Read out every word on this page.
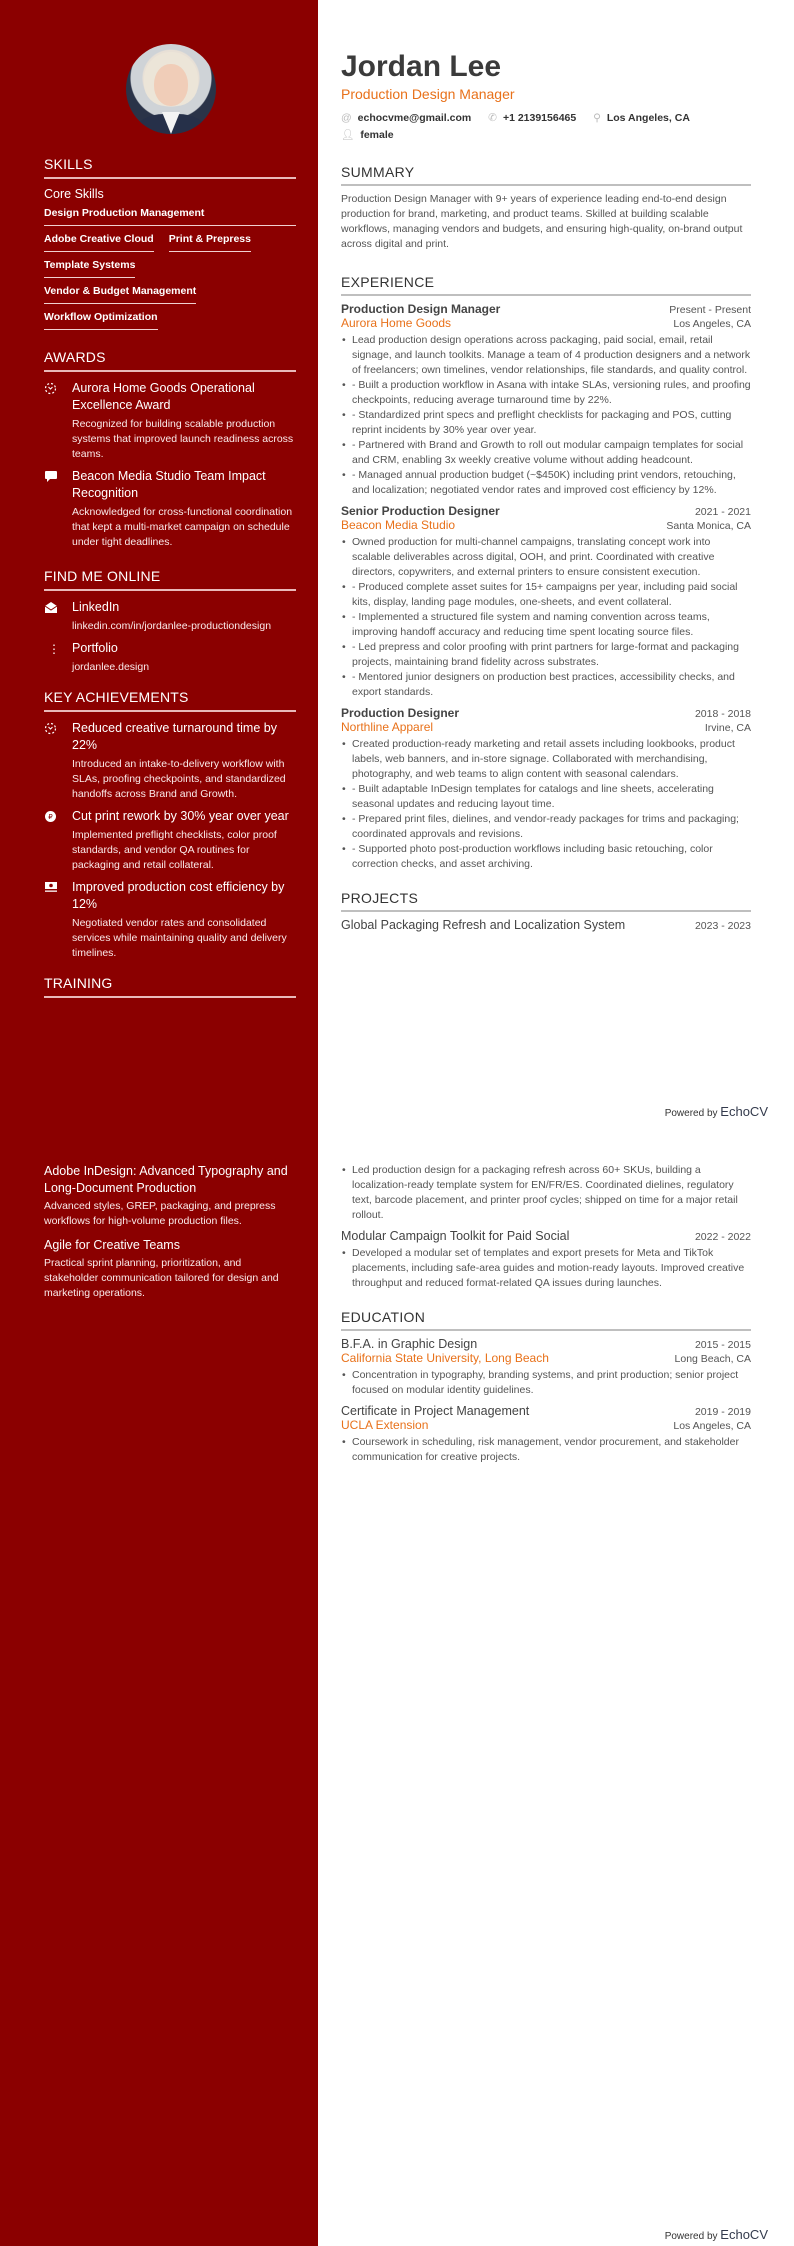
SKILLS
Core Skills
Design Production Management
Adobe Creative Cloud Print & Prepress
Template Systems
Vendor & Budget Management
Workflow Optimization
AWARDS
Aurora Home Goods Operational Excellence Award
Recognized for building scalable production systems that improved launch readiness across teams.
Beacon Media Studio Team Impact Recognition
Acknowledged for cross-functional coordination that kept a multi-market campaign on schedule under tight deadlines.
FIND ME ONLINE
LinkedIn
linkedin.com/in/jordanlee-productiondesign
⋮ Portfolio
jordanlee.design
KEY ACHIEVEMENTS
Reduced creative turnaround time by 22%
Introduced an intake-to-delivery workflow with SLAs, proofing checkpoints, and standardized handoffs across Brand and Growth.
₽ Cut print rework by 30% year over year
Implemented preflight checklists, color proof standards, and vendor QA routines for packaging and retail collateral.
Improved production cost efficiency by 12%
Negotiated vendor rates and consolidated services while maintaining quality and delivery timelines.
TRAINING
Jordan Lee
Production Design Manager
@ echocvme@gmail.com ✆ +1 2139156465 ⚲ Los Angeles, CA
👤︎ female
SUMMARY
Production Design Manager with 9+ years of experience leading end-to-end design production for brand, marketing, and product teams. Skilled at building scalable workflows, managing vendors and budgets, and ensuring high-quality, on-brand output across digital and print.
EXPERIENCE
Production Design Manager	Present - Present
Aurora Home Goods	Los Angeles, CA
• Lead production design operations across packaging, paid social, email, retail signage, and launch toolkits. Manage a team of 4 production designers and a network of freelancers; own timelines, vendor relationships, file standards, and quality control.
• - Built a production workflow in Asana with intake SLAs, versioning rules, and proofing checkpoints, reducing average turnaround time by 22%.
• - Standardized print specs and preflight checklists for packaging and POS, cutting reprint incidents by 30% year over year.
• - Partnered with Brand and Growth to roll out modular campaign templates for social and CRM, enabling 3x weekly creative volume without adding headcount.
• - Managed annual production budget (~$450K) including print vendors, retouching, and localization; negotiated vendor rates and improved cost efficiency by 12%.
Senior Production Designer	2021 - 2021
Beacon Media Studio	Santa Monica, CA
• Owned production for multi-channel campaigns, translating concept work into scalable deliverables across digital, OOH, and print. Coordinated with creative directors, copywriters, and external printers to ensure consistent execution.
• - Produced complete asset suites for 15+ campaigns per year, including paid social kits, display, landing page modules, one-sheets, and event collateral.
• - Implemented a structured file system and naming convention across teams, improving handoff accuracy and reducing time spent locating source files.
• - Led prepress and color proofing with print partners for large-format and packaging projects, maintaining brand fidelity across substrates.
• - Mentored junior designers on production best practices, accessibility checks, and export standards.
Production Designer	2018 - 2018
Northline Apparel	Irvine, CA
• Created production-ready marketing and retail assets including lookbooks, product labels, web banners, and in-store signage. Collaborated with merchandising, photography, and web teams to align content with seasonal calendars.
• - Built adaptable InDesign templates for catalogs and line sheets, accelerating seasonal updates and reducing layout time.
• - Prepared print files, dielines, and vendor-ready packages for trims and packaging; coordinated approvals and revisions.
• - Supported photo post-production workflows including basic retouching, color correction checks, and asset archiving.
PROJECTS
Global Packaging Refresh and Localization System	2023 - 2023
Powered by EchoCV
Adobe InDesign: Advanced Typography and Long-Document Production
Advanced styles, GREP, packaging, and prepress workflows for high-volume production files.
Agile for Creative Teams
Practical sprint planning, prioritization, and stakeholder communication tailored for design and marketing operations.
• Led production design for a packaging refresh across 60+ SKUs, building a localization-ready template system for EN/FR/ES. Coordinated dielines, regulatory text, barcode placement, and printer proof cycles; shipped on time for a major retail rollout.
Modular Campaign Toolkit for Paid Social	2022 - 2022
• Developed a modular set of templates and export presets for Meta and TikTok placements, including safe-area guides and motion-ready layouts. Improved creative throughput and reduced format-related QA issues during launches.
EDUCATION
B.F.A. in Graphic Design	2015 - 2015
California State University, Long Beach	Long Beach, CA
• Concentration in typography, branding systems, and print production; senior project focused on modular identity guidelines.
Certificate in Project Management	2019 - 2019
UCLA Extension	Los Angeles, CA
• Coursework in scheduling, risk management, vendor procurement, and stakeholder communication for creative projects.
Powered by EchoCV
